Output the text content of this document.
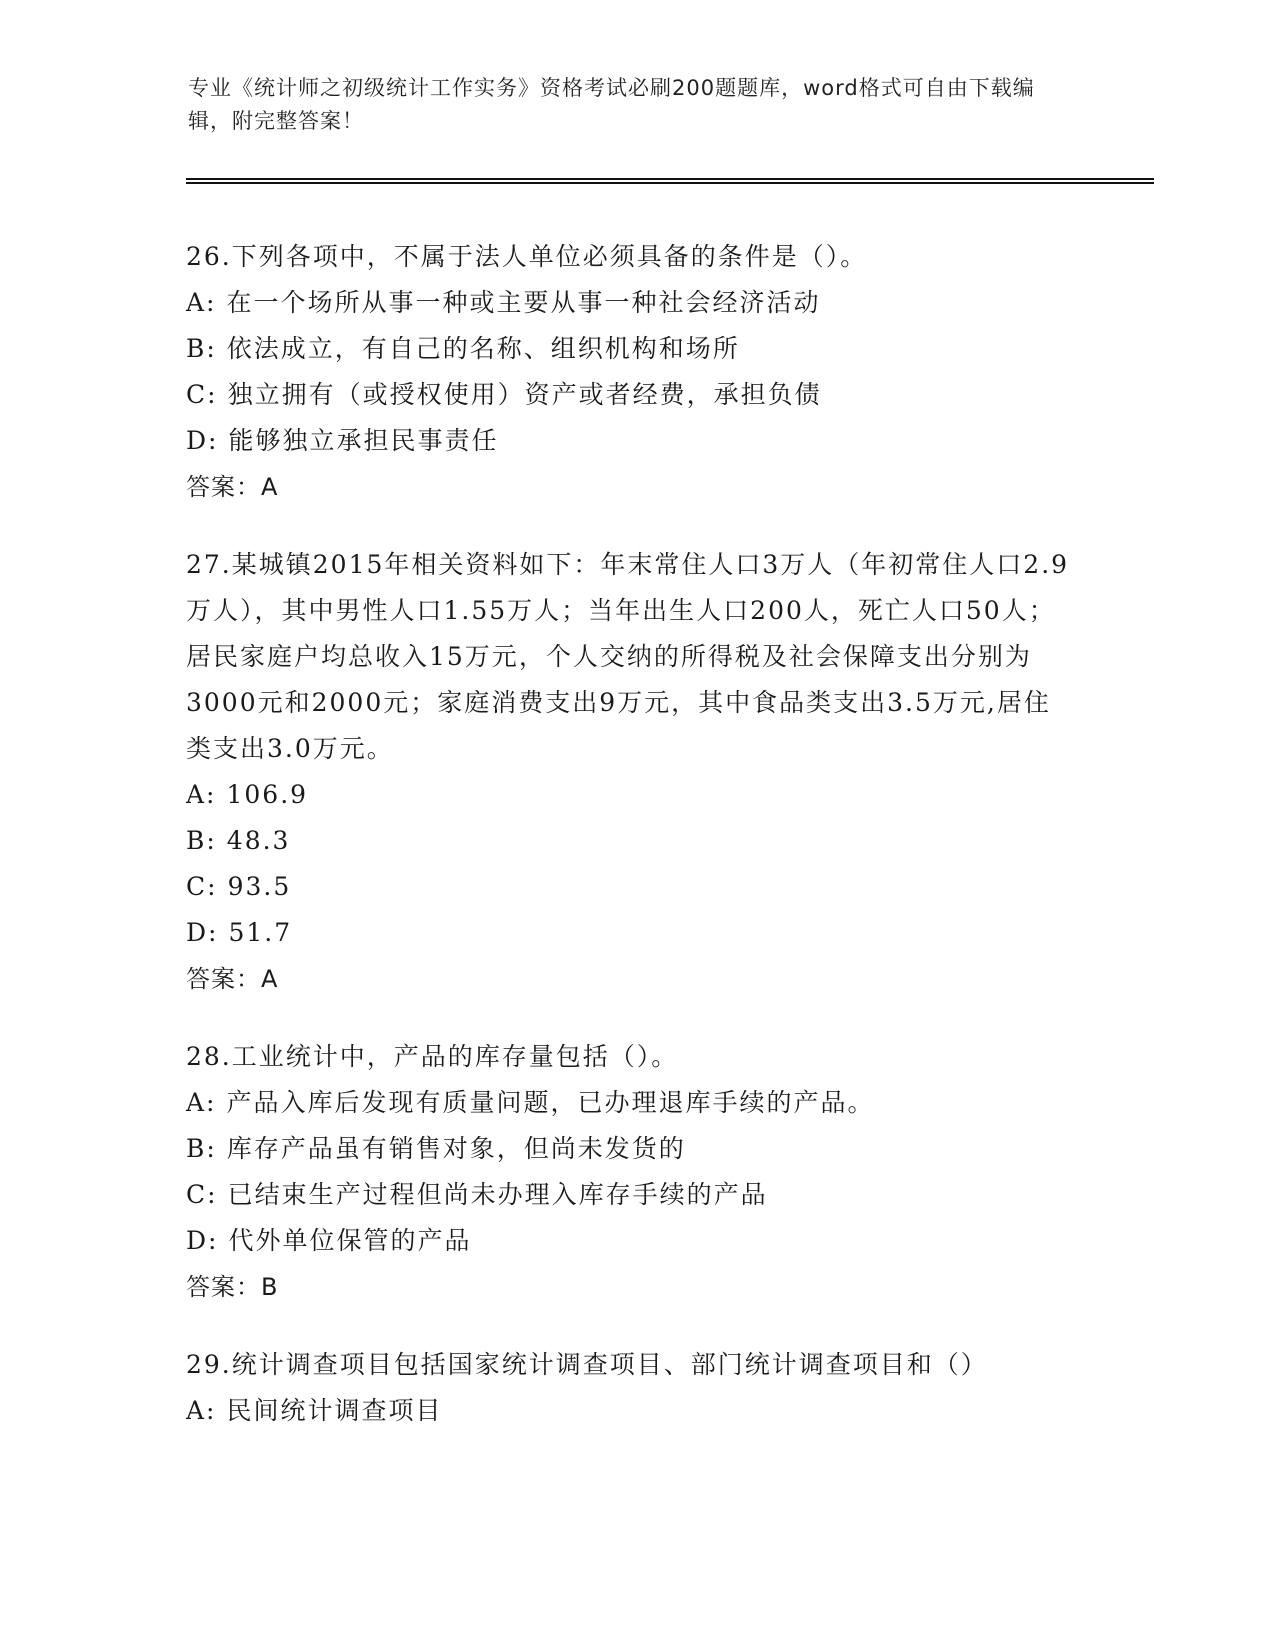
专业《统计师之初级统计工作实务》资格考试必刷200题题库，word格式可自由下载编辑，附完整答案！

26.下列各项中，不属于法人单位必须具备的条件是（）。

A: 在一个场所从事一种或主要从事一种社会经济活动

B: 依法成立，有自己的名称、组织机构和场所

C: 独立拥有（或授权使用）资产或者经费，承担负债

D: 能够独立承担民事责任

答案：A

27.某城镇2015年相关资料如下：年末常住人口3万人（年初常住人口2.9万人），其中男性人口1.55万人；当年出生人口200人，死亡人口50人；居民家庭户均总收入15万元，个人交纳的所得税及社会保障支出分别为3000元和2000元；家庭消费支出9万元，其中食品类支出3.5万元,居住类支出3.0万元。

A: 106.9

B: 48.3

C: 93.5

D: 51.7

答案：A

28.工业统计中，产品的库存量包括（）。

A: 产品入库后发现有质量问题，已办理退库手续的产品。

B: 库存产品虽有销售对象，但尚未发货的

C: 已结束生产过程但尚未办理入库存手续的产品

D: 代外单位保管的产品

答案：B

29.统计调查项目包括国家统计调查项目、部门统计调查项目和（）

A: 民间统计调查项目
